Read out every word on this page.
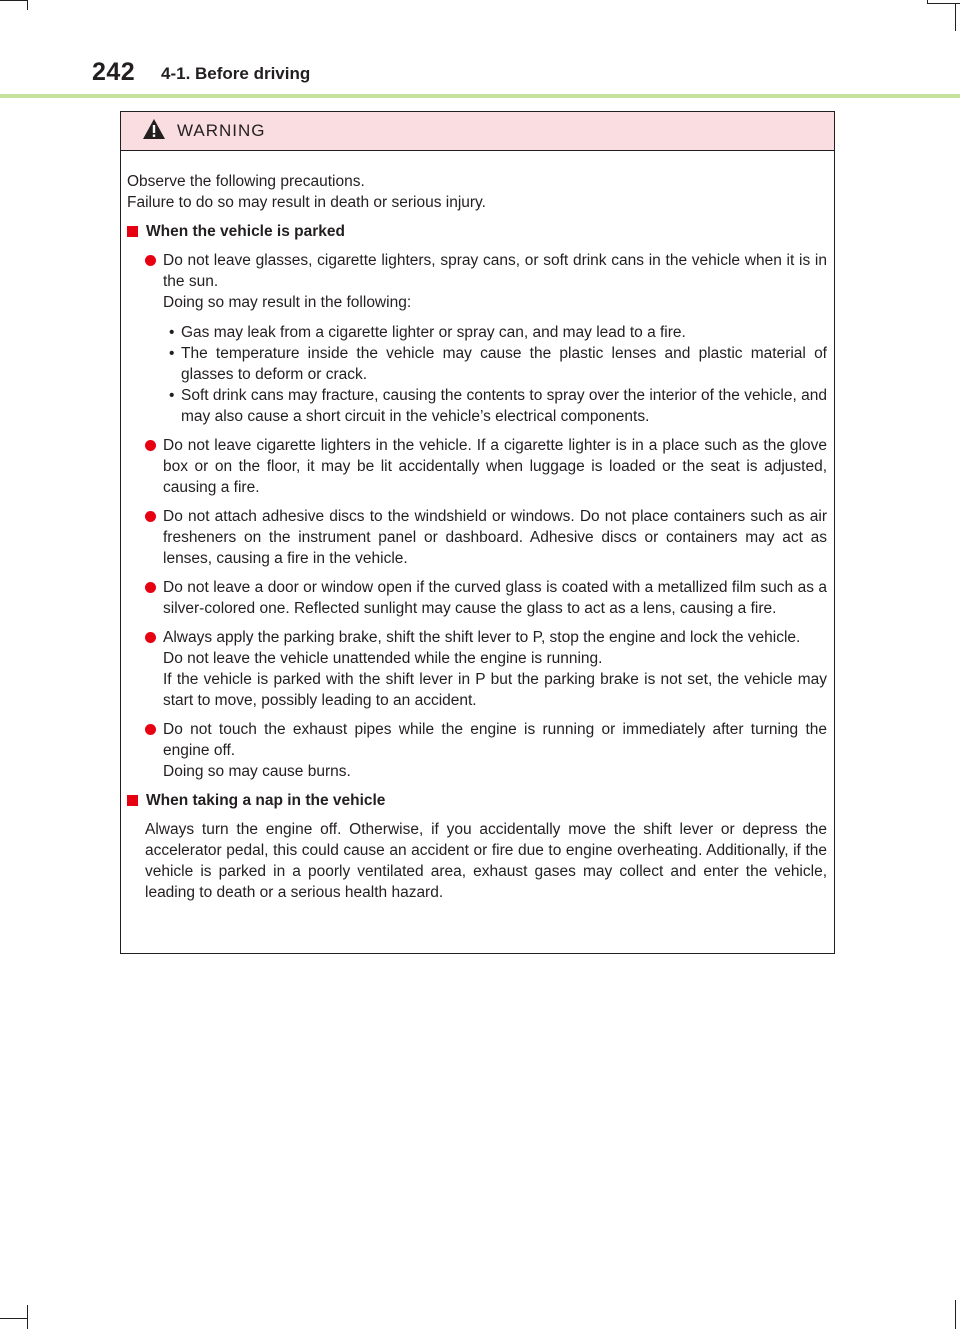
242 4-1. Before driving
WARNING

Observe the following precautions.

Failure to do so may result in death or serious injury.

When the vehicle is parked
Do not leave glasses, cigarette lighters, spray cans, or soft drink cans in the vehicle when it is in the sun.
Doing so may result in the following:
• Gas may leak from a cigarette lighter or spray can, and may lead to a fire.
• The temperature inside the vehicle may cause the plastic lenses and plastic material of glasses to deform or crack.
• Soft drink cans may fracture, causing the contents to spray over the interior of the vehicle, and may also cause a short circuit in the vehicle’s electrical components.
Do not leave cigarette lighters in the vehicle. If a cigarette lighter is in a place such as the glove box or on the floor, it may be lit accidentally when luggage is loaded or the seat is adjusted, causing a fire.
Do not attach adhesive discs to the windshield or windows. Do not place containers such as air fresheners on the instrument panel or dashboard. Adhesive discs or containers may act as lenses, causing a fire in the vehicle.
Do not leave a door or window open if the curved glass is coated with a metallized film such as a silver-colored one. Reflected sunlight may cause the glass to act as a lens, causing a fire.
Always apply the parking brake, shift the shift lever to P, stop the engine and lock the vehicle.
Do not leave the vehicle unattended while the engine is running.
If the vehicle is parked with the shift lever in P but the parking brake is not set, the vehicle may start to move, possibly leading to an accident.
Do not touch the exhaust pipes while the engine is running or immediately after turning the engine off.
Doing so may cause burns.
When taking a nap in the vehicle
Always turn the engine off. Otherwise, if you accidentally move the shift lever or depress the accelerator pedal, this could cause an accident or fire due to engine overheating. Additionally, if the vehicle is parked in a poorly ventilated area, exhaust gases may collect and enter the vehicle, leading to death or a serious health hazard.
